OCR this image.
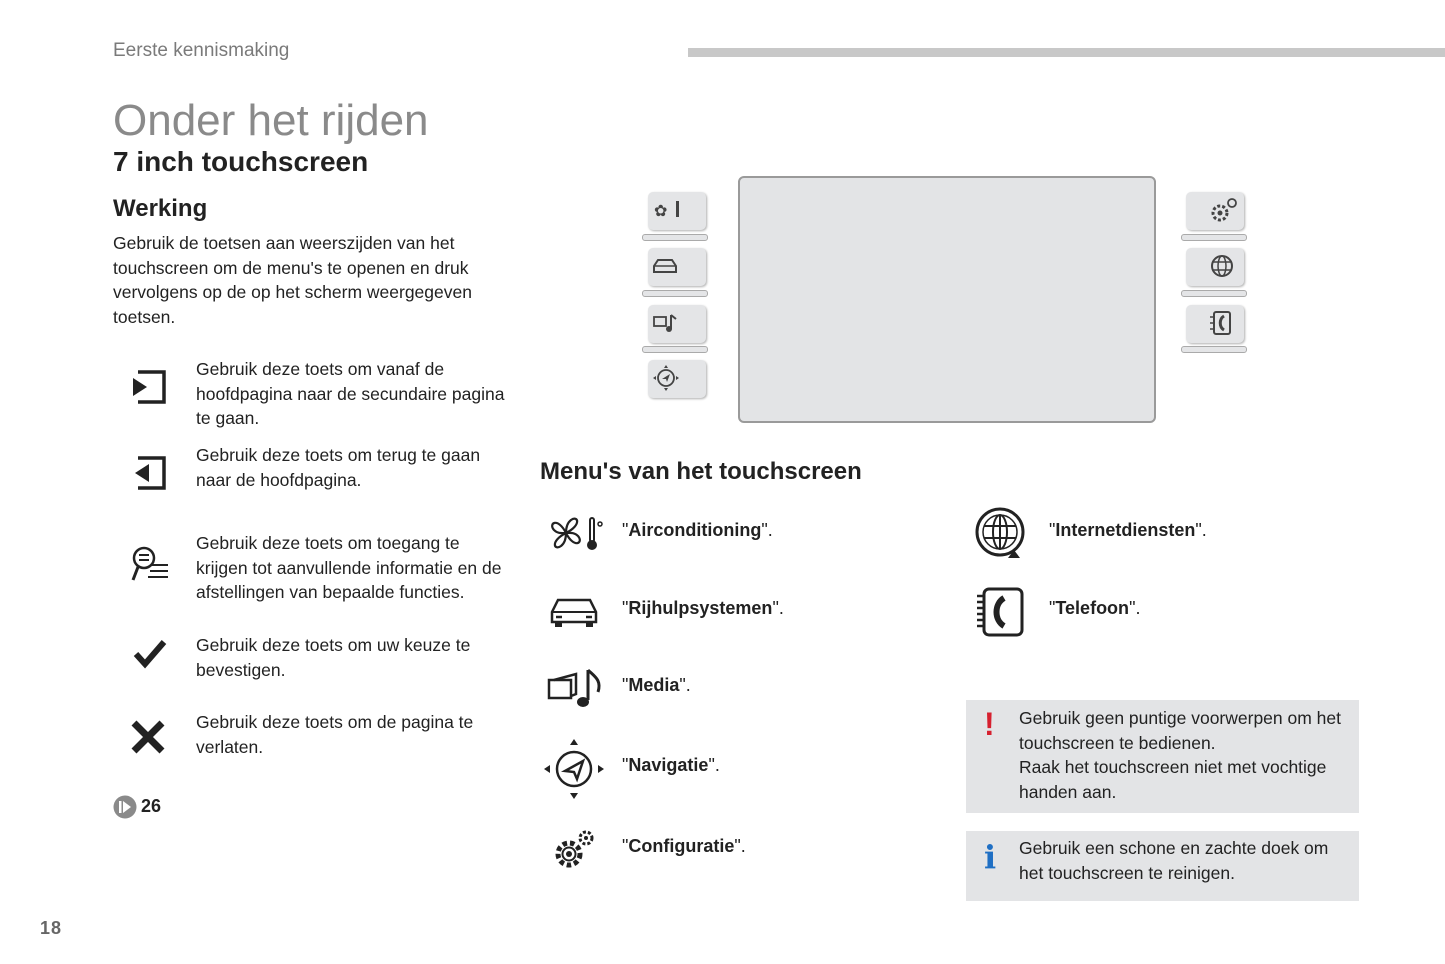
Eerste kennismaking
Onder het rijden
7 inch touchscreen
Werking
Gebruik de toetsen aan weerszijden van het touchscreen om de menu's te openen en druk vervolgens op de op het scherm weergegeven toetsen.
Gebruik deze toets om vanaf de hoofdpagina naar de secundaire pagina te gaan.
Gebruik deze toets om terug te gaan naar de hoofdpagina.
Gebruik deze toets om toegang te krijgen tot aanvullende informatie en de afstellingen van bepaalde functies.
Gebruik deze toets om uw keuze te bevestigen.
Gebruik deze toets om de pagina te verlaten.
26
18
✿
Menu's van het touchscreen
"Airconditioning".
"Rijhulpsystemen".
"Media".
"Navigatie".
"Configuratie".
"Internetdiensten".
"Telefoon".
! Gebruik geen puntige voorwerpen om het touchscreen te bedienen.
Raak het touchscreen niet met vochtige handen aan.
i Gebruik een schone en zachte doek om het touchscreen te reinigen.
